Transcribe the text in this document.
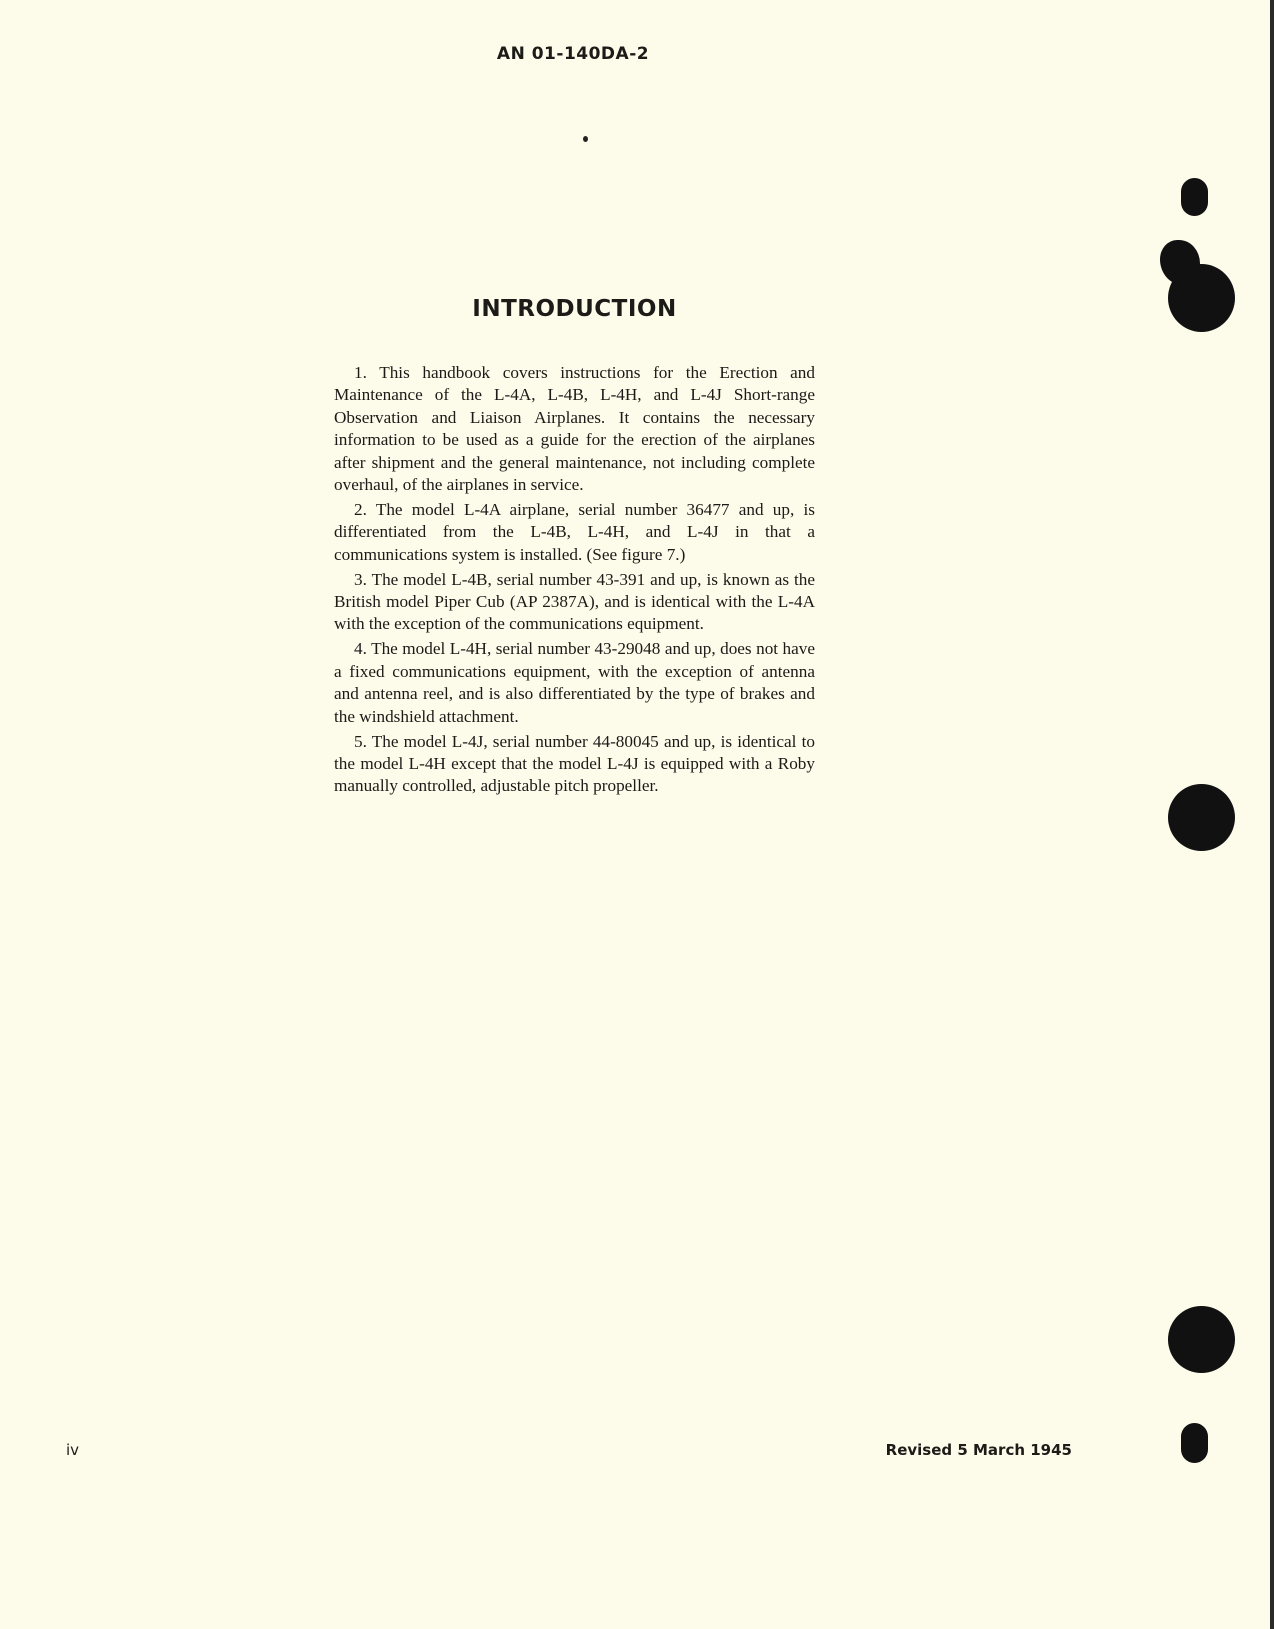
AN 01-140DA-2
INTRODUCTION

1. This handbook covers instructions for the Erection and Maintenance of the L-4A, L-4B, L-4H, and L-4J Short-range Observation and Liaison Airplanes. It contains the necessary information to be used as a guide for the erection of the airplanes after shipment and the general maintenance, not including complete overhaul, of the airplanes in service.

2. The model L-4A airplane, serial number 36477 and up, is differentiated from the L-4B, L-4H, and L-4J in that a communications system is installed. (See figure 7.)

3. The model L-4B, serial number 43-391 and up, is known as the British model Piper Cub (AP 2387A), and is identical with the L-4A with the exception of the communications equipment.

4. The model L-4H, serial number 43-29048 and up, does not have a fixed communications equipment, with the exception of antenna and antenna reel, and is also differentiated by the type of brakes and the windshield attachment.

5. The model L-4J, serial number 44-80045 and up, is identical to the model L-4H except that the model L-4J is equipped with a Roby manually controlled, adjustable pitch propeller.

iv	Revised 5 March 1945
